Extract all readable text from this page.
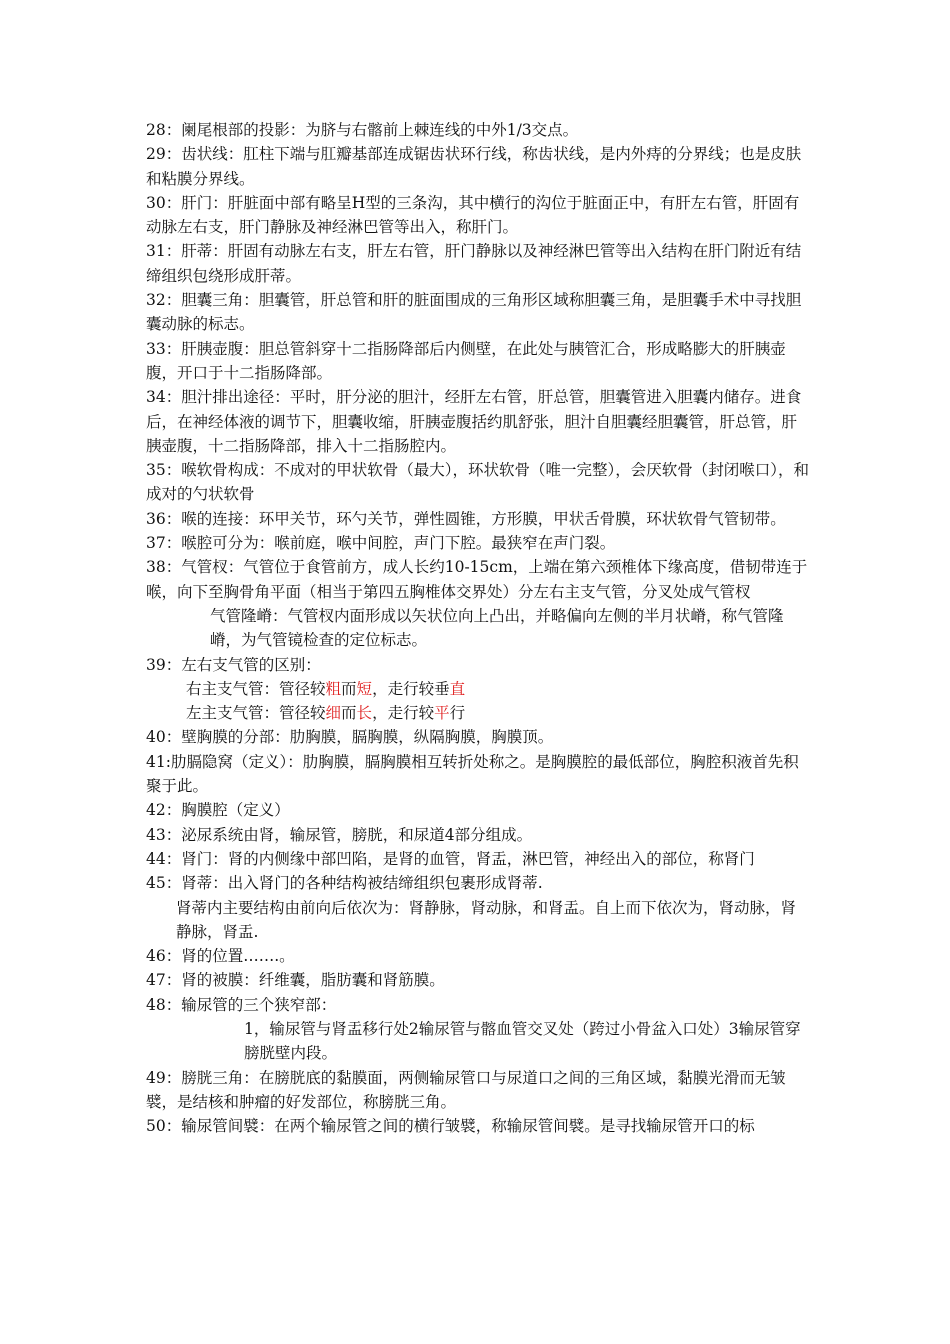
28：阑尾根部的投影：为脐与右髂前上棘连线的中外1/3交点。

29：齿状线：肛柱下端与肛瓣基部连成锯齿状环行线，称齿状线，是内外痔的分界线；也是皮肤和粘膜分界线。

30：肝门：肝脏面中部有略呈H型的三条沟，其中横行的沟位于脏面正中，有肝左右管，肝固有动脉左右支，肝门静脉及神经淋巴管等出入，称肝门。

31：肝蒂：肝固有动脉左右支，肝左右管，肝门静脉以及神经淋巴管等出入结构在肝门附近有结缔组织包绕形成肝蒂。

32：胆囊三角：胆囊管，肝总管和肝的脏面围成的三角形区域称胆囊三角，是胆囊手术中寻找胆囊动脉的标志。

33：肝胰壶腹：胆总管斜穿十二指肠降部后内侧壁，在此处与胰管汇合，形成略膨大的肝胰壶腹，开口于十二指肠降部。

34：胆汁排出途径：平时，肝分泌的胆汁，经肝左右管，肝总管，胆囊管进入胆囊内储存。进食后，在神经体液的调节下，胆囊收缩，肝胰壶腹括约肌舒张，胆汁自胆囊经胆囊管，肝总管，肝胰壶腹，十二指肠降部，排入十二指肠腔内。

35：喉软骨构成：不成对的甲状软骨（最大），环状软骨（唯一完整），会厌软骨（封闭喉口），和成对的勺状软骨

36：喉的连接：环甲关节，环勺关节，弹性圆锥，方形膜，甲状舌骨膜，环状软骨气管韧带。

37：喉腔可分为：喉前庭，喉中间腔，声门下腔。最狭窄在声门裂。

38：气管杈：气管位于食管前方，成人长约10-15cm，上端在第六颈椎体下缘高度，借韧带连于喉，向下至胸骨角平面（相当于第四五胸椎体交界处）分左右主支气管，分叉处成气管杈

气管隆嵴：气管杈内面形成以矢状位向上凸出，并略偏向左侧的半月状嵴，称气管隆嵴，为气管镜检查的定位标志。

39：左右支气管的区别：

右主支气管：管径较粗而短，走行较垂直

左主支气管：管径较细而长，走行较平行

40：壁胸膜的分部：肋胸膜，膈胸膜，纵隔胸膜，胸膜顶。

41:肋膈隐窝（定义）：肋胸膜，膈胸膜相互转折处称之。是胸膜腔的最低部位，胸腔积液首先积聚于此。

42：胸膜腔（定义）

43：泌尿系统由肾，输尿管，膀胱，和尿道4部分组成。

44：肾门：肾的内侧缘中部凹陷，是肾的血管，肾盂，淋巴管，神经出入的部位，称肾门

45：肾蒂：出入肾门的各种结构被结缔组织包裹形成肾蒂.

肾蒂内主要结构由前向后依次为：肾静脉，肾动脉，和肾盂。自上而下依次为，肾动脉，肾静脉，肾盂.

46：肾的位置…….。

47：肾的被膜：纤维囊，脂肪囊和肾筋膜。

48：输尿管的三个狭窄部：

1，输尿管与肾盂移行处2输尿管与髂血管交叉处（跨过小骨盆入口处）3输尿管穿膀胱壁内段。

49：膀胱三角：在膀胱底的黏膜面，两侧输尿管口与尿道口之间的三角区域，黏膜光滑而无皱襞，是结核和肿瘤的好发部位，称膀胱三角。

50：输尿管间襞：在两个输尿管之间的横行皱襞，称输尿管间襞。是寻找输尿管开口的标
